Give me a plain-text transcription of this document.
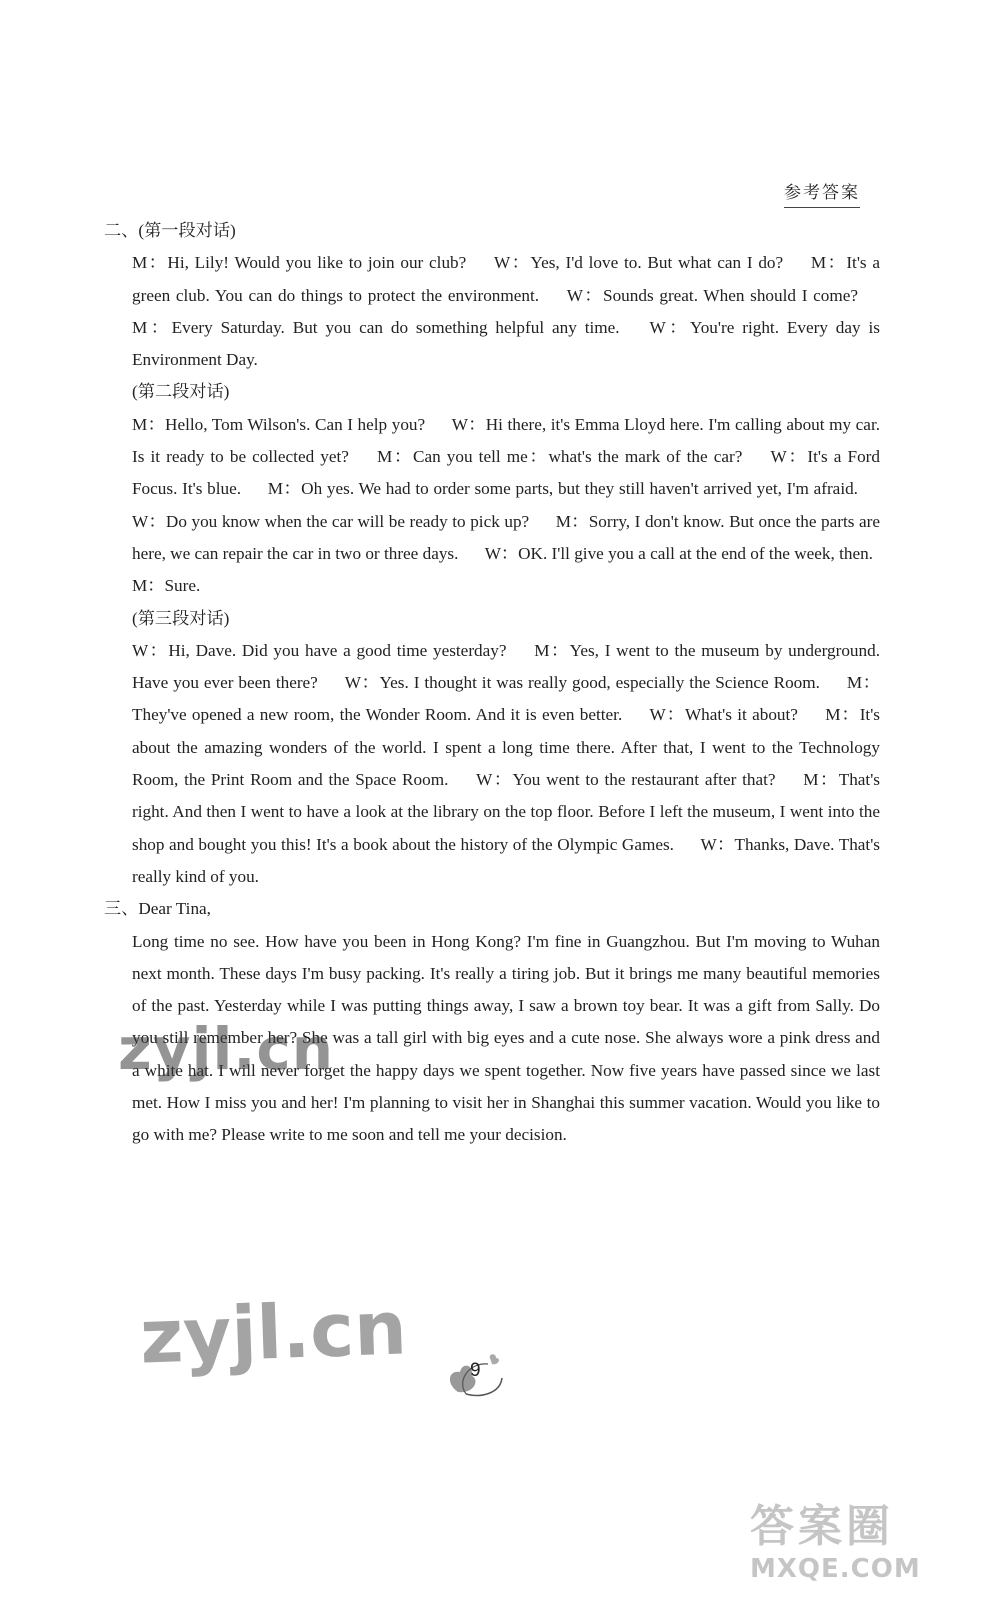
参考答案
二、(第一段对话)
M：Hi, Lily! Would you like to join our club? W：Yes, I'd love to. But what can I do? M：It's a green club. You can do things to protect the environment. W：Sounds great. When should I come? M：Every Saturday. But you can do something helpful any time. W：You're right. Every day is Environment Day.
(第二段对话)
M：Hello, Tom Wilson's. Can I help you? W：Hi there, it's Emma Lloyd here. I'm calling about my car. Is it ready to be collected yet? M：Can you tell me：what's the mark of the car? W：It's a Ford Focus. It's blue. M：Oh yes. We had to order some parts, but they still haven't arrived yet, I'm afraid. W：Do you know when the car will be ready to pick up? M：Sorry, I don't know. But once the parts are here, we can repair the car in two or three days. W：OK. I'll give you a call at the end of the week, then. M：Sure.
(第三段对话)
W：Hi, Dave. Did you have a good time yesterday? M：Yes, I went to the museum by underground. Have you ever been there? W：Yes. I thought it was really good, especially the Science Room. M：They've opened a new room, the Wonder Room. And it is even better. W：What's it about? M：It's about the amazing wonders of the world. I spent a long time there. After that, I went to the Technology Room, the Print Room and the Space Room. W：You went to the restaurant after that? M：That's right. And then I went to have a look at the library on the top floor. Before I left the museum, I went into the shop and bought you this! It's a book about the history of the Olympic Games. W：Thanks, Dave. That's really kind of you.
三、Dear Tina,
Long time no see. How have you been in Hong Kong? I'm fine in Guangzhou. But I'm moving to Wuhan next month. These days I'm busy packing. It's really a tiring job. But it brings me many beautiful memories of the past. Yesterday while I was putting things away, I saw a brown toy bear. It was a gift from Sally. Do you still remember her? She was a tall girl with big eyes and a cute nose. She always wore a pink dress and a white hat. I will never forget the happy days we spent together. Now five years have passed since we last met. How I miss you and her! I'm planning to visit her in Shanghai this summer vacation. Would you like to go with me? Please write to me soon and tell me your decision.
zyjl.cn
zyjl.cn	9
答案圈
MXQE.COM
